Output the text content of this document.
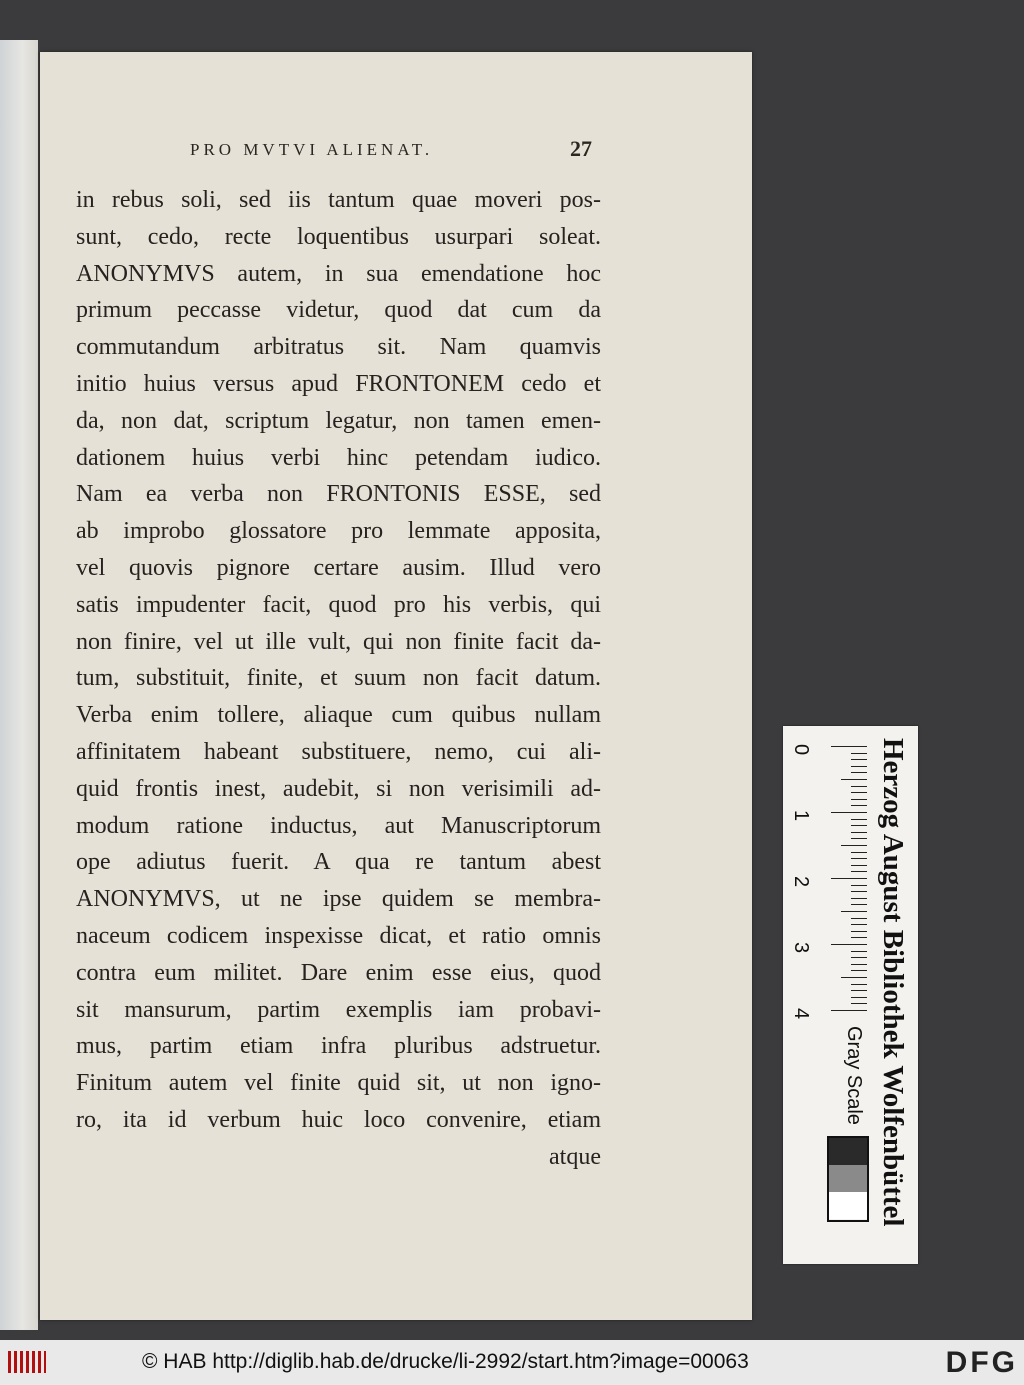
PRO MVTVI ALIENAT.	27
in rebus soli, sed iis tantum quae moveri pos-
sunt, cedo, recte loquentibus usurpari soleat.
ANONYMVS autem, in sua emendatione hoc
primum peccasse videtur, quod dat cum da
commutandum arbitratus sit. Nam quamvis
initio huius versus apud FRONTONEM cedo et
da, non dat, scriptum legatur, non tamen emen-
dationem huius verbi hinc petendam iudico.
Nam ea verba non FRONTONIS ESSE, sed
ab improbo glossatore pro lemmate apposita,
vel quovis pignore certare ausim. Illud vero
satis impudenter facit, quod pro his verbis, qui
non finire, vel ut ille vult, qui non finite facit da-
tum, substituit, finite, et suum non facit datum.
Verba enim tollere, aliaque cum quibus nullam
affinitatem habeant substituere, nemo, cui ali-
quid frontis inest, audebit, si non verisimili ad-
modum ratione inductus, aut Manuscriptorum
ope adiutus fuerit. A qua re tantum abest
ANONYMVS, ut ne ipse quidem se membra-
naceum codicem inspexisse dicat, et ratio omnis
contra eum militet. Dare enim esse eius, quod
sit mansurum, partim exemplis iam probavi-
mus, partim etiam infra pluribus adstruetur.
Finitum autem vel finite quid sit, ut non igno-
ro, ita id verbum huic loco convenire, etiam
atque
0
1
2
3
4
Gray Scale Herzog August Bibliothek Wolfenbüttel
© HAB http://diglib.hab.de/drucke/li-2992/start.htm?image=00063	DFG
